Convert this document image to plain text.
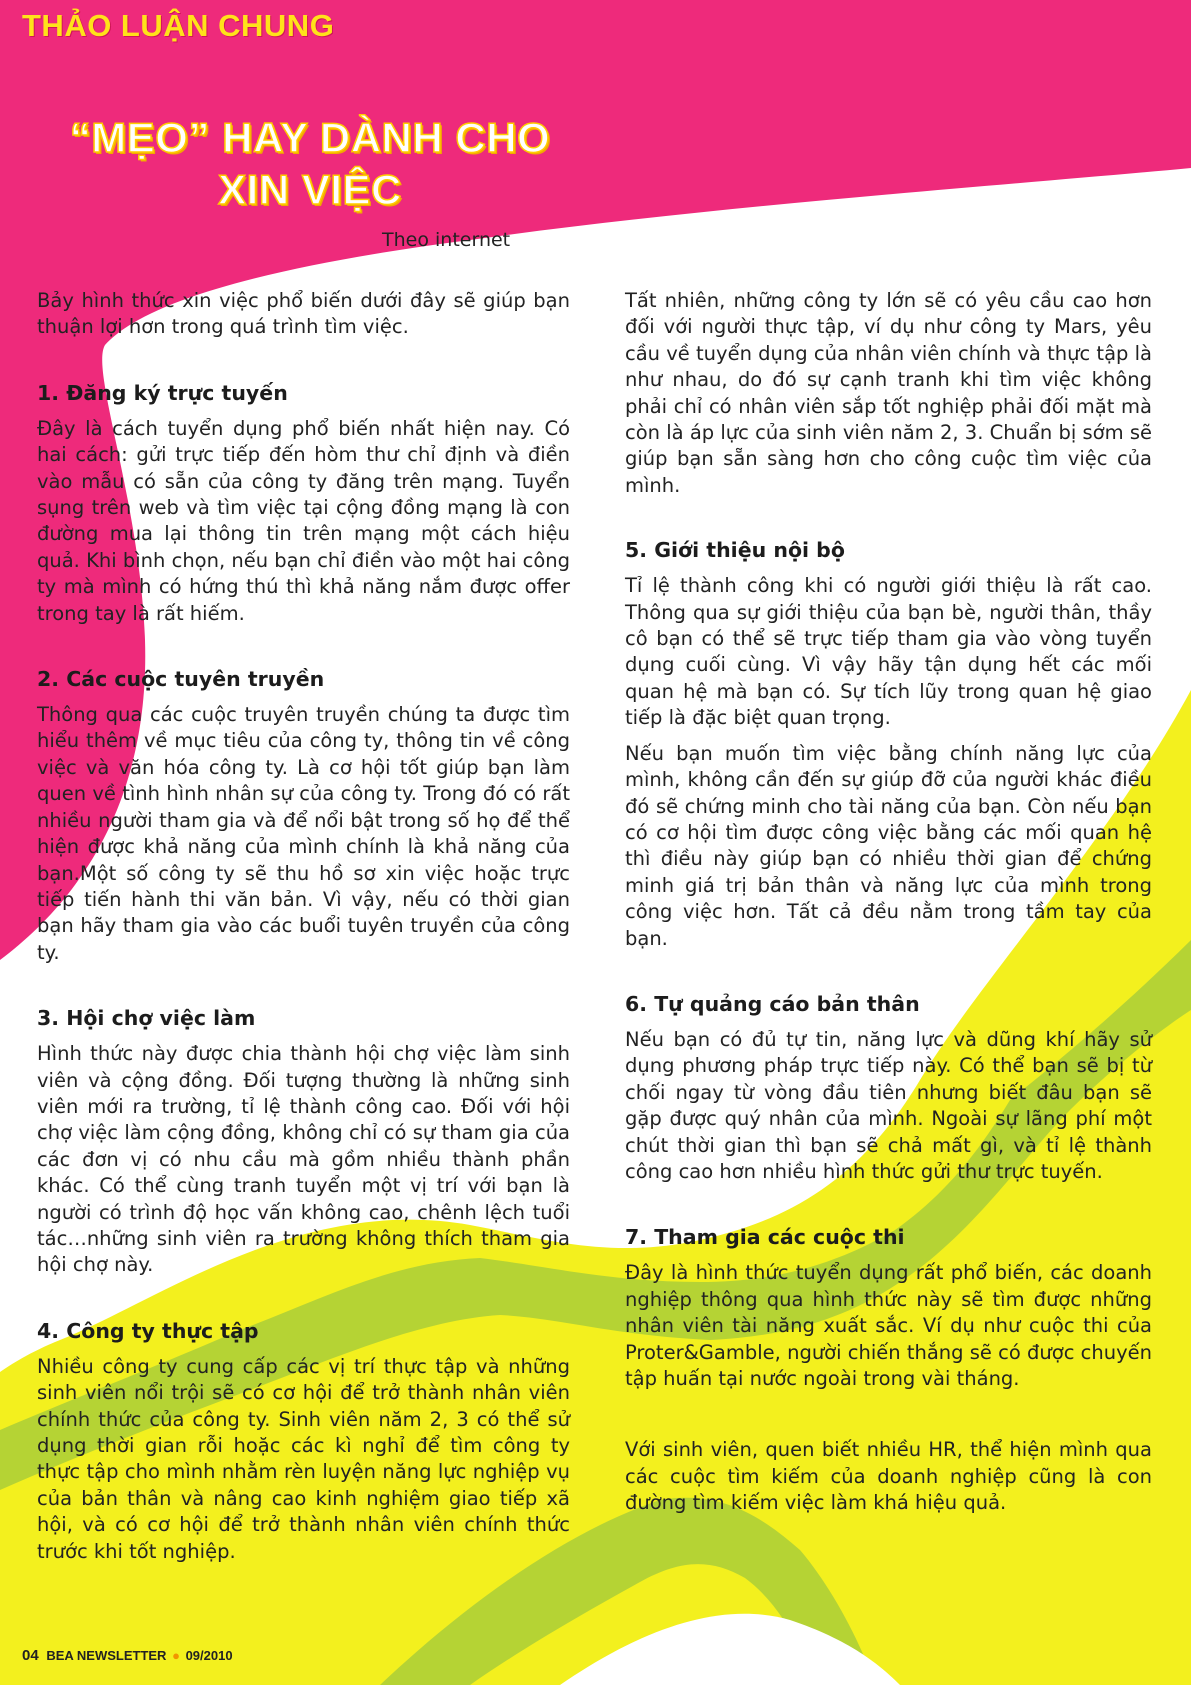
THẢO LUẬN CHUNG
“MẸO” HAY DÀNH CHO
XIN VIỆC
Theo internet

Bảy hình thức xin việc phổ biến dưới đây sẽ giúp bạn thuận lợi hơn trong quá trình tìm việc.

1. Đăng ký trực tuyến

Đây là cách tuyển dụng phổ biến nhất hiện nay. Có hai cách: gửi trực tiếp đến hòm thư chỉ định và điền vào mẫu có sẵn của công ty đăng trên mạng. Tuyển sụng trên web và tìm việc tại cộng đồng mạng là con đường mua lại thông tin trên mạng một cách hiệu quả. Khi bình chọn, nếu bạn chỉ điền vào một hai công ty mà mình có hứng thú thì khả năng nắm được offer trong tay là rất hiếm.

2. Các cuộc tuyên truyền

Thông qua các cuộc truyên truyền chúng ta được tìm hiểu thêm về mục tiêu của công ty, thông tin về công việc và văn hóa công ty. Là cơ hội tốt giúp bạn làm quen về tình hình nhân sự của công ty. Trong đó có rất nhiều người tham gia và để nổi bật trong số họ để thể hiện được khả năng của mình chính là khả năng của bạn.Một số công ty sẽ thu hồ sơ xin việc hoặc trực tiếp tiến hành thi văn bản. Vì vậy, nếu có thời gian bạn hãy tham gia vào các buổi tuyên truyền của công ty.

3. Hội chợ việc làm

Hình thức này được chia thành hội chợ việc làm sinh viên và cộng đồng. Đối tượng thường là những sinh viên mới ra trường, tỉ lệ thành công cao. Đối với hội chợ việc làm cộng đồng, không chỉ có sự tham gia của các đơn vị có nhu cầu mà gồm nhiều thành phần khác. Có thể cùng tranh tuyển một vị trí với bạn là người có trình độ học vấn không cao, chênh lệch tuổi tác…những sinh viên ra trường không thích tham gia hội chợ này.

4. Công ty thực tập

Nhiều công ty cung cấp các vị trí thực tập và những sinh viên nổi trội sẽ có cơ hội để trở thành nhân viên chính thức của công ty. Sinh viên năm 2, 3 có thể sử dụng thời gian rỗi hoặc các kì nghỉ để tìm công ty thực tập cho mình nhằm rèn luyện năng lực nghiệp vụ của bản thân và nâng cao kinh nghiệm giao tiếp xã hội, và có cơ hội để trở thành nhân viên chính thức trước khi tốt nghiệp.

Tất nhiên, những công ty lớn sẽ có yêu cầu cao hơn đối với người thực tập, ví dụ như công ty Mars, yêu cầu về tuyển dụng của nhân viên chính và thực tập là như nhau, do đó sự cạnh tranh khi tìm việc không phải chỉ có nhân viên sắp tốt nghiệp phải đối mặt mà còn là áp lực của sinh viên năm 2, 3. Chuẩn bị sớm sẽ giúp bạn sẵn sàng hơn cho công cuộc tìm việc của mình.

5. Giới thiệu nội bộ

Tỉ lệ thành công khi có người giới thiệu là rất cao. Thông qua sự giới thiệu của bạn bè, người thân, thầy cô bạn có thể sẽ trực tiếp tham gia vào vòng tuyển dụng cuối cùng. Vì vậy hãy tận dụng hết các mối quan hệ mà bạn có. Sự tích lũy trong quan hệ giao tiếp là đặc biệt quan trọng.

Nếu bạn muốn tìm việc bằng chính năng lực của mình, không cần đến sự giúp đỡ của người khác điều đó sẽ chứng minh cho tài năng của bạn. Còn nếu bạn có cơ hội tìm được công việc bằng các mối quan hệ thì điều này giúp bạn có nhiều thời gian để chứng minh giá trị bản thân và năng lực của mình trong công việc hơn. Tất cả đều nằm trong tầm tay của bạn.

6. Tự quảng cáo bản thân

Nếu bạn có đủ tự tin, năng lực và dũng khí hãy sử dụng phương pháp trực tiếp này. Có thể bạn sẽ bị từ chối ngay từ vòng đầu tiên nhưng biết đâu bạn sẽ gặp được quý nhân của mình. Ngoài sự lãng phí một chút thời gian thì bạn sẽ chả mất gì, và tỉ lệ thành công cao hơn nhiều hình thức gửi thư trực tuyến.

7. Tham gia các cuộc thi

Đây là hình thức tuyển dụng rất phổ biến, các doanh nghiệp thông qua hình thức này sẽ tìm được những nhân viên tài năng xuất sắc. Ví dụ như cuộc thi của Proter&Gamble, người chiến thắng sẽ có được chuyến tập huấn tại nước ngoài trong vài tháng.

Với sinh viên, quen biết nhiều HR, thể hiện mình qua các cuộc tìm kiếm của doanh nghiệp cũng là con đường tìm kiếm việc làm khá hiệu quả.

04 BEA NEWSLETTER ● 09/2010
